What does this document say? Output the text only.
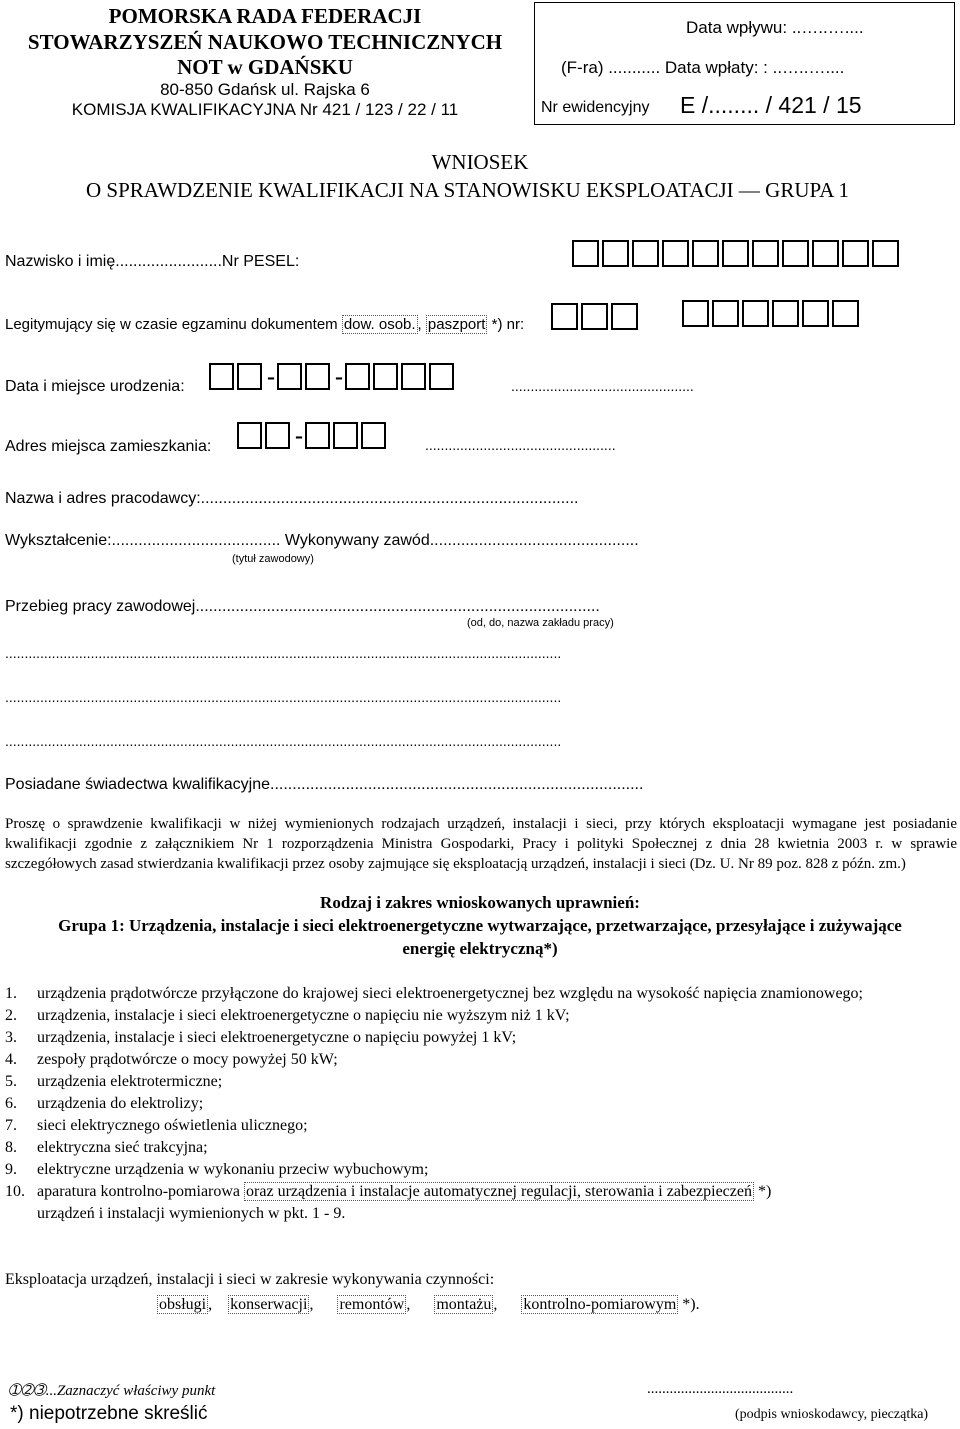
POMORSKA RADA FEDERACJI
STOWARZYSZEŃ NAUKOWO TECHNICZNYCH
NOT w GDAŃSKU
80-850 Gdańsk ul. Rajska 6
KOMISJA KWALIFIKACYJNA Nr 421 / 123 / 22 / 11
Data wpływu: ..…..…....
(F-ra) ........... Data wpłaty: : ..…..…....
Nr ewidencyjny E /........ / 421 / 15
WNIOSEK
O SPRAWDZENIE KWALIFIKACJI NA STANOWISKU EKSPLOATACJI — GRUPA 1
Nazwisko i imię........................Nr PESEL:
Legitymujący się w czasie egzaminu dokumentem dow. osob. , paszport *) nr:
Data i miejsce urodzenia:	-	-	...............................................
Adres miejsca zamieszkania:	-	.................................................
Nazwa i adres pracodawcy:.....................................................................................
Wykształcenie:...................................... Wykonywany zawód...............................................
(tytuł zawodowy)
Przebieg pracy zawodowej...........................................................................................
(od, do, nazwa zakładu pracy)
...............................................................................................................................................
...............................................................................................................................................
...............................................................................................................................................
Posiadane świadectwa kwalifikacyjne....................................................................................
Proszę o sprawdzenie kwalifikacji w niżej wymienionych rodzajach urządzeń, instalacji i sieci, przy których eksploatacji wymagane jest posiadanie kwalifikacji zgodnie z załącznikiem Nr 1 rozporządzenia Ministra Gospodarki, Pracy i polityki Społecznej z dnia 28 kwietnia 2003 r. w sprawie szczegółowych zasad stwierdzania kwalifikacji przez osoby zajmujące się eksploatacją urządzeń, instalacji i sieci (Dz. U. Nr 89 poz. 828 z późn. zm.)
Rodzaj i zakres wnioskowanych uprawnień:
Grupa 1: Urządzenia, instalacje i sieci elektroenergetyczne wytwarzające, przetwarzające, przesyłające i zużywające energię elektryczną*)
1. urządzenia prądotwórcze przyłączone do krajowej sieci elektroenergetycznej bez względu na wysokość napięcia znamionowego;
2. urządzenia, instalacje i sieci elektroenergetyczne o napięciu nie wyższym niż 1 kV;
3. urządzenia, instalacje i sieci elektroenergetyczne o napięciu powyżej 1 kV;
4. zespoły prądotwórcze o mocy powyżej 50 kW;
5. urządzenia elektrotermiczne;
6. urządzenia do elektrolizy;
7. sieci elektrycznego oświetlenia ulicznego;
8. elektryczna sieć trakcyjna;
9. elektryczne urządzenia w wykonaniu przeciw wybuchowym;
10. aparatura kontrolno-pomiarowa oraz urządzenia i instalacje automatycznej regulacji, sterowania i zabezpieczeń *)
urządzeń i instalacji wymienionych w pkt. 1 - 9.
Eksploatacja urządzeń, instalacji i sieci w zakresie wykonywania czynności:
obsługi ,    konserwacji ,      remontów ,      montażu ,      kontrolno-pomiarowym *).
➀➁➂...Zaznaczyć właściwy punkt
*) niepotrzebne skreślić
.......................................
(podpis wnioskodawcy, pieczątka)
